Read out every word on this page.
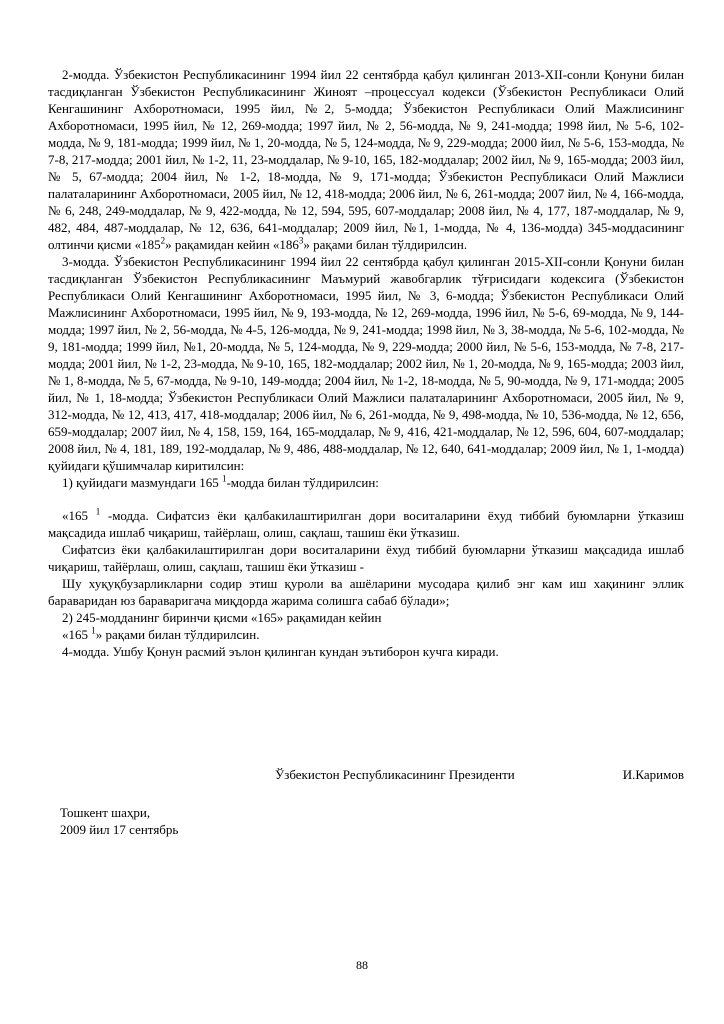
2-модда. Ўзбекистон Республикасининг 1994 йил 22 сентябрда қабул қилинган 2013-XII-сонли Қонуни билан тасдиқланган Ўзбекистон Республикасининг Жиноят –процессуал кодекси (Ўзбекистон Республикаси Олий Кенгашининг Ахборотномаси, 1995 йил, №2, 5-модда; Ўзбекистон Республикаси Олий Мажлисининг Ахборотномаси, 1995 йил, № 12, 269-модда; 1997 йил, № 2, 56-модда, № 9, 241-модда; 1998 йил, № 5-6, 102-модда, № 9, 181-модда; 1999 йил, № 1, 20-модда, № 5, 124-модда, № 9, 229-модда; 2000 йил, № 5-6, 153-модда, № 7-8, 217-модда; 2001 йил, № 1-2, 11, 23-моддалар, № 9-10, 165, 182-моддалар; 2002 йил, № 9, 165-модда; 2003 йил, № 5, 67-модда; 2004 йил, № 1-2, 18-модда, № 9, 171-модда; Ўзбекистон Республикаси Олий Мажлиси палаталарининг Ахборотномаси, 2005 йил, № 12, 418-модда; 2006 йил, № 6, 261-модда; 2007 йил, № 4, 166-модда, № 6, 248, 249-моддалар, № 9, 422-модда, № 12, 594, 595, 607-моддалар; 2008 йил, № 4, 177, 187-моддалар, № 9, 482, 484, 487-моддалар, № 12, 636, 641-моддалар; 2009 йил, №1, 1-модда, № 4, 136-модда) 345-моддасининг олтинчи қисми «$185^2$» рақамидан кейин «$186^3$» рақами билан тўлдирилсин.

3-модда. Ўзбекистон Республикасининг 1994 йил 22 сентябрда қабул қилинган 2015-XII-сонли Қонуни билан тасдиқланган Ўзбекистон Республикасининг Маъмурий жавобгарлик тўғрисидаги кодексига (Ўзбекистон Республикаси Олий Кенгашининг Ахборотномаси, 1995 йил, № 3, 6-модда; Ўзбекистон Республикаси Олий Мажлисининг Ахборотномаси, 1995 йил, № 9, 193-модда, № 12, 269-модда, 1996 йил, № 5-6, 69-модда, № 9, 144-модда; 1997 йил, № 2, 56-модда, № 4-5, 126-модда, № 9, 241-модда; 1998 йил, № 3, 38-модда, № 5-6, 102-модда, № 9, 181-модда; 1999 йил, №1, 20-модда, № 5, 124-модда, № 9, 229-модда; 2000 йил, № 5-6, 153-модда, № 7-8, 217-модда; 2001 йил, № 1-2, 23-модда, № 9-10, 165, 182-моддалар; 2002 йил, № 1, 20-модда, № 9, 165-модда; 2003 йил, № 1, 8-модда, № 5, 67-модда, № 9-10, 149-модда; 2004 йил, № 1-2, 18-модда, № 5, 90-модда, № 9, 171-модда; 2005 йил, № 1, 18-модда; Ўзбекистон Республикаси Олий Мажлиси палаталарининг Ахборотномаси, 2005 йил, № 9, 312-модда, № 12, 413, 417, 418-моддалар; 2006 йил, № 6, 261-модда, № 9, 498-модда, № 10, 536-модда, № 12, 656, 659-моддалар; 2007 йил, № 4, 158, 159, 164, 165-моддалар, № 9, 416, 421-моддалар, № 12, 596, 604, 607-моддалар; 2008 йил, № 4, 181, 189, 192-моддалар, № 9, 486, 488-моддалар, № 12, 640, 641-моддалар; 2009 йил, № 1, 1-модда) қуйидаги қўшимчалар киритилсин:

1) қуйидаги мазмундаги 165 $^1$-модда билан тўлдирилсин:

«165 $^1$ -модда. Сифатсиз ёки қалбакилаштирилган дори воситаларини ёхуд тиббий буюмларни ўтказиш мақсадида ишлаб чиқариш, тайёрлаш, олиш, сақлаш, ташиш ёки ўтказиш.

Сифатсиз ёки қалбакилаштирилган дори воситаларини ёхуд тиббий буюмларни ўтказиш мақсадида ишлаб чиқариш, тайёрлаш, олиш, сақлаш, ташиш ёки ўтказиш -

Шу хуқуқбузарликларни содир этиш қуроли ва ашёларини мусодара қилиб энг кам иш хақининг эллик бараваридан юз бараваригача миқдорда жарима солишга сабаб бўлади»;

2) 245-модданинг биринчи қисми «165» рақамидан кейин

«165 $^1$» рақами билан тўлдирилсин.

4-модда. Ушбу Қонун расмий эълон қилинган кундан эътиборон кучга киради.

Ўзбекистон Республикасининг Президенти	И.Каримов
Тошкент шаҳри,
2009 йил 17 сентябрь
88
